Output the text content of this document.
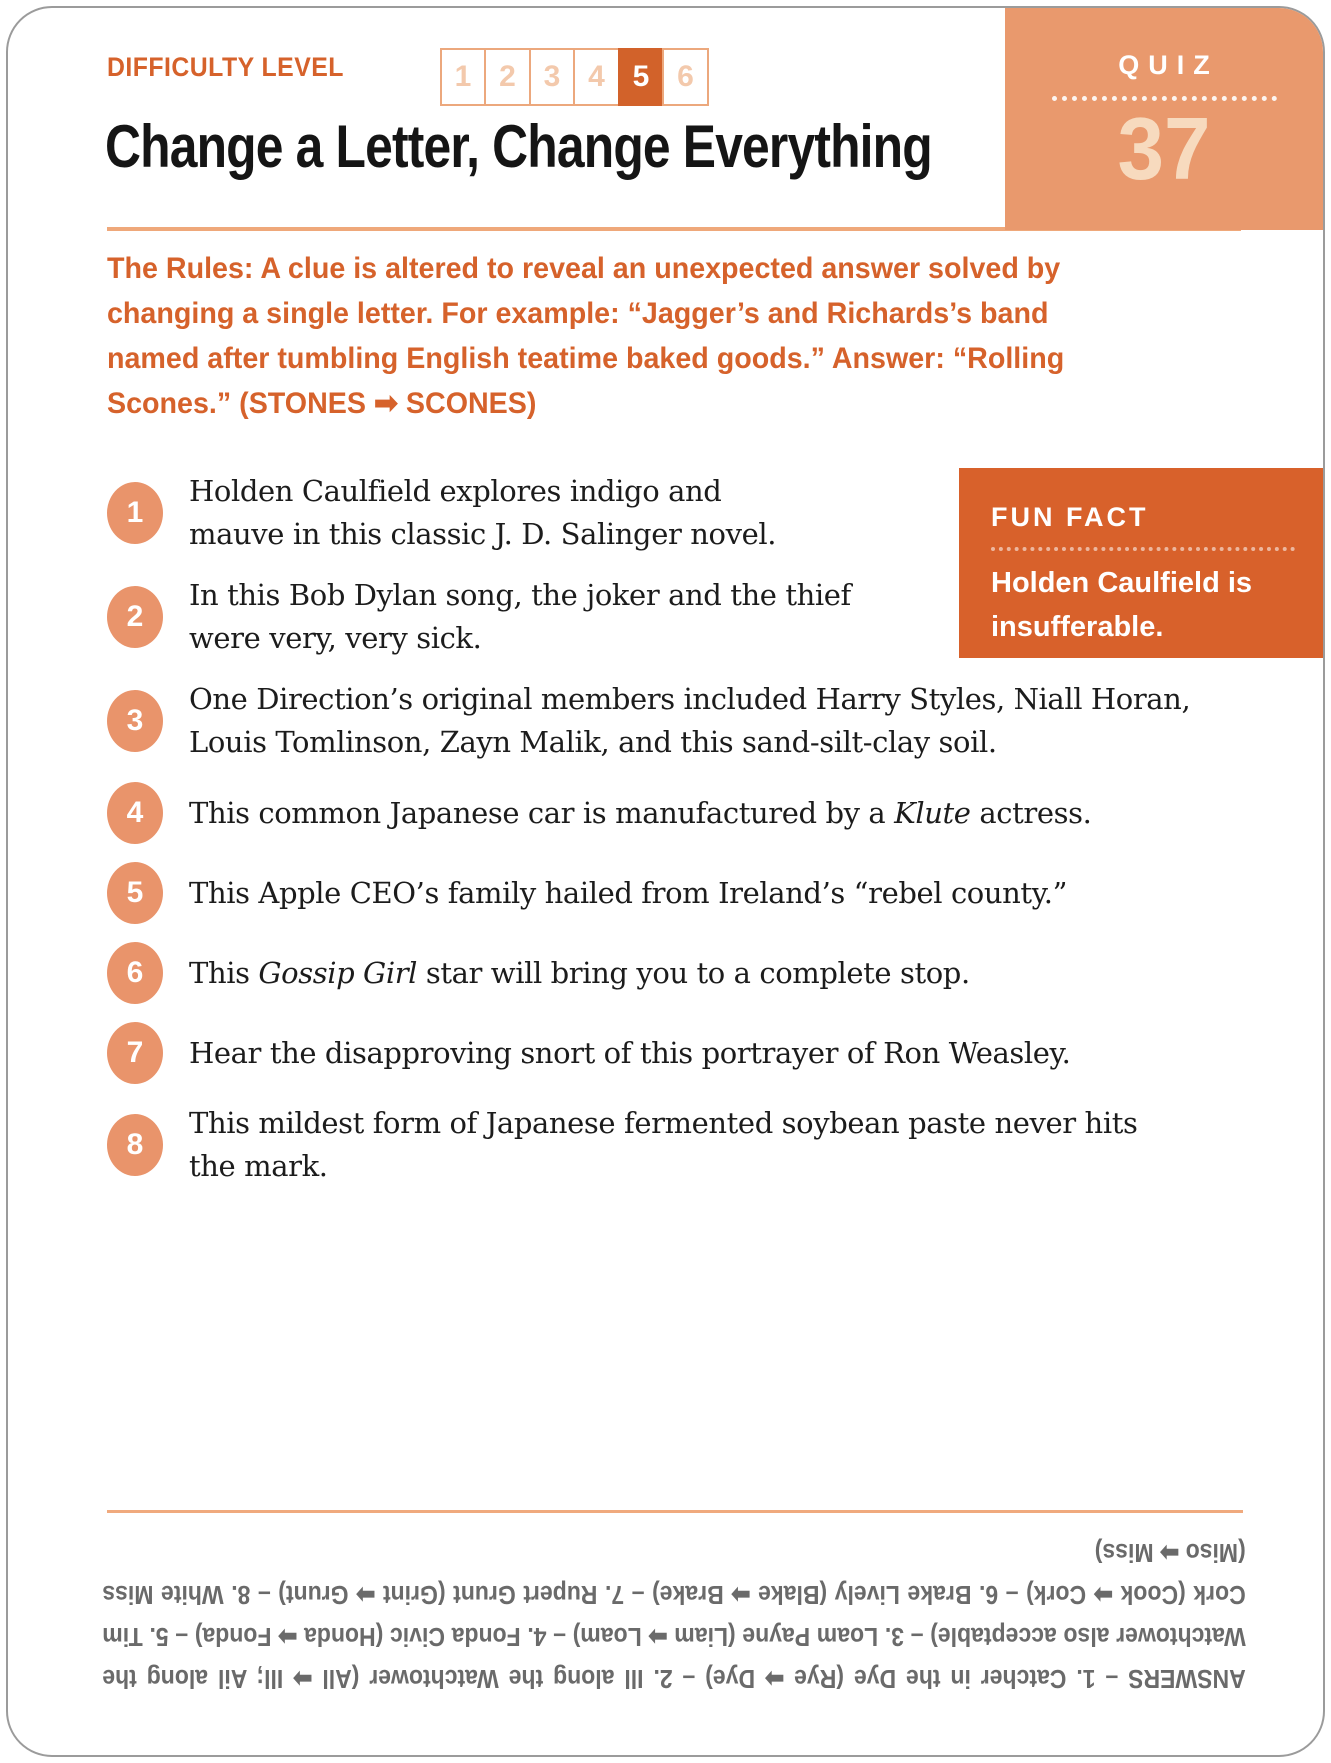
DIFFICULTY LEVEL	1 2 3 4 5 6	QUIZ
37
Change a Letter, Change Everything
The Rules: A clue is altered to reveal an unexpected answer solved by changing a single letter. For example: “Jagger’s and Richards’s band named after tumbling English teatime baked goods.” Answer: “Rolling Scones.” (STONES ➡ SCONES)
FUN FACT
Holden Caulfield is insufferable.
1
Holden Caulfield explores indigo and mauve in this classic J. D. Salinger novel.
2
In this Bob Dylan song, the joker and the thief were very, very sick.
3
One Direction’s original members included Harry Styles, Niall Horan, Louis Tomlinson, Zayn Malik, and this sand-silt-clay soil.
4	This common Japanese car is manufactured by a Klute actress.
5	This Apple CEO’s family hailed from Ireland’s “rebel county.”
6	This Gossip Girl star will bring you to a complete stop.
7	Hear the disapproving snort of this portrayer of Ron Weasley.
8
This mildest form of Japanese fermented soybean paste never hits the mark.
ANSWERS – 1. Catcher in the Dye (Rye ➡ Dye) – 2. Ill along the Watchtower (All ➡ Ill; Ail along the Watchtower also acceptable) – 3. Loam Payne (Liam ➡ Loam) – 4. Fonda Civic (Honda ➡ Fonda) – 5. Tim Cork (Cook ➡ Cork) – 6. Brake Lively (Blake ➡ Brake) – 7. Rupert Grunt (Grint ➡ Grunt) – 8. White Miss (Miso ➡ Miss)
